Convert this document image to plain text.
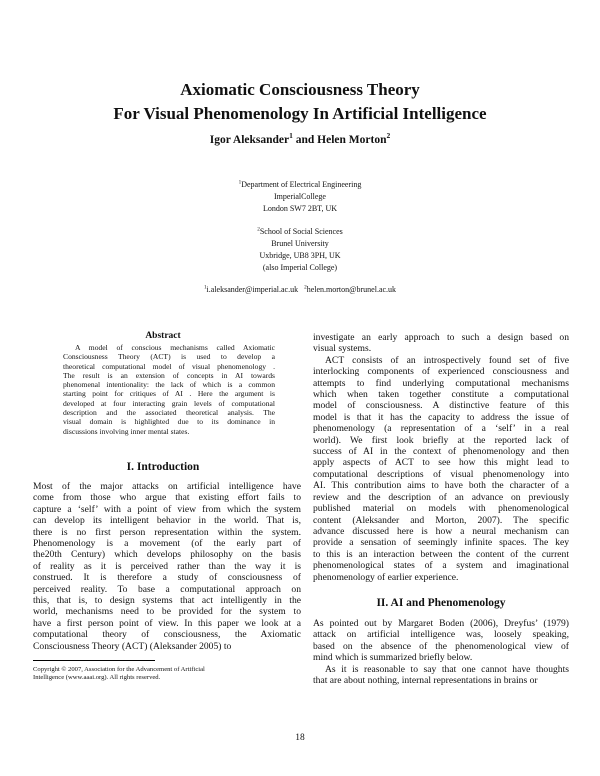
Axiomatic Consciousness Theory
For Visual Phenomenology In Artificial Intelligence
Igor Aleksander$^1$ and Helen Morton$^2$
$^1$Department of Electrical Engineering
ImperialCollege
London SW7 2BT, UK
$^2$School of Social Sciences
Brunel University
Uxbridge, UB8 3PH, UK
(also Imperial College)
$^1$i.aleksander@imperial.ac.uk $^2$helen.morton@brunel.ac.uk
Abstract
A model of conscious mechanisms called Axiomatic
Consciousness Theory (ACT) is used to develop a
theoretical computational model of visual phenomenology .
The result is an extension of concepts in AI towards
phenomenal intentionality: the lack of which is a common
starting point for critiques of AI . Here the argument is
developed at four interacting grain levels of computational
description and the associated theoretical analysis. The
visual domain is highlighted due to its dominance in
discussions involving inner mental states.
I. Introduction
Most of the major attacks on artificial intelligence have
come from those who argue that existing effort fails to
capture a ‘self’ with a point of view from which the system
can develop its intelligent behavior in the world. That is,
there is no first person representation within the system.
Phenomenology is a movement (of the early part of
the20th Century) which develops philosophy on the basis
of reality as it is perceived rather than the way it is
construed. It is therefore a study of consciousness of
perceived reality. To base a computational approach on
this, that is, to design systems that act intelligently in the
world, mechanisms need to be provided for the system to
have a first person point of view. In this paper we look at a
computational theory of consciousness, the Axiomatic
Consciousness Theory (ACT) (Aleksander 2005) to
Copyright © 2007, Association for the Advancement of Artificial
Intelligence (www.aaai.org). All rights reserved.
investigate an early approach to such a design based on
visual systems.
ACT consists of an introspectively found set of five
interlocking components of experienced consciousness and
attempts to find underlying computational mechanisms
which when taken together constitute a computational
model of consciousness. A distinctive feature of this
model is that it has the capacity to address the issue of
phenomenology (a representation of a ‘self’ in a real
world). We first look briefly at the reported lack of
success of AI in the context of phenomenology and then
apply aspects of ACT to see how this might lead to
computational descriptions of visual phenomenology into
AI. This contribution aims to have both the character of a
review and the description of an advance on previously
published material on models with phenomenological
content (Aleksander and Morton, 2007). The specific
advance discussed here is how a neural mechanism can
provide a sensation of seemingly infinite spaces. The key
to this is an interaction between the content of the current
phenomenological states of a system and imaginational
phenomenology of earlier experience.
II. AI and Phenomenology
As pointed out by Margaret Boden (2006), Dreyfus’ (1979)
attack on artificial intelligence was, loosely speaking,
based on the absence of the phenomenological view of
mind which is summarized briefly below.
As it is reasonable to say that one cannot have thoughts
that are about nothing, internal representations in brains or
18
